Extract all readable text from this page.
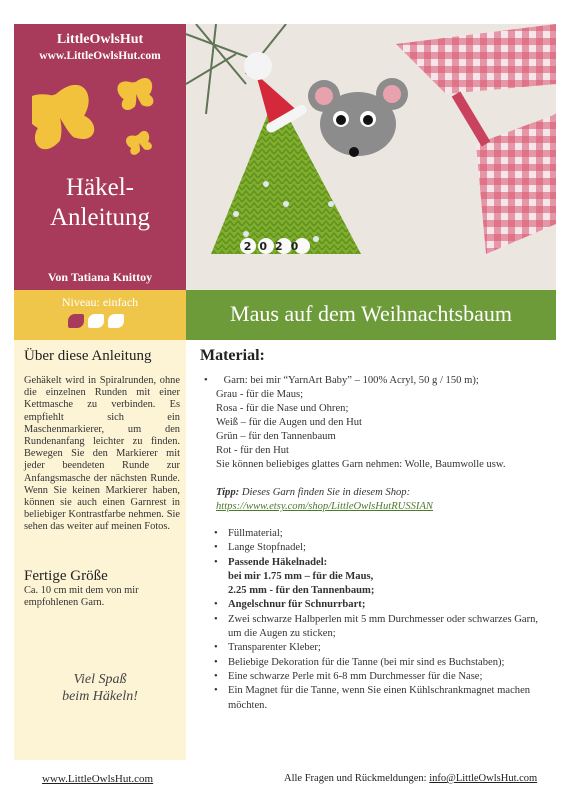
LittleOwlsHut
www.LittleOwlsHut.com
Häkel-
Anleitung
Von Tatiana Knittoy
2020
Niveau: einfach	Maus auf dem Weihnachtsbaum
Über diese Anleitung
Gehäkelt wird in Spiralrunden, ohne die einzelnen Runden mit einer Kettmasche zu verbinden. Es empfiehlt sich ein Maschenmarkierer, um den Rundenanfang leichter zu finden. Bewegen Sie den Markierer mit jeder beendeten Runde zur Anfangsmasche der nächsten Runde. Wenn Sie keinen Markierer haben, können sie auch einen Garnrest in beliebiger Kontrastfarbe nehmen. Sie sehen das weiter auf meinen Fotos.
Fertige Größe
Ca. 10 cm mit dem von mir empfohlenen Garn.
Viel Spaß
beim Häkeln!
Material:
•      Garn: bei mir “YarnArt Baby” – 100% Acryl, 50 g / 150 m);
Grau - für die Maus;
Rosa - für die Nase und Ohren;
Weiß – für die Augen und den Hut
Grün – für den Tannenbaum
Rot - für den Hut
Sie können beliebiges glattes Garn nehmen: Wolle, Baumwolle usw.
Tipp: Dieses Garn finden Sie in diesem Shop:
https://www.etsy.com/shop/LittleOwlsHutRUSSIAN
• Füllmaterial;
• Lange Stopfnadel;
• Passende Häkelnadel:
bei mir 1.75 mm – für die Maus,
2.25 mm - für den Tannenbaum;
• Angelschnur für Schnurrbart;
• Zwei schwarze Halbperlen mit 5 mm Durchmesser oder schwarzes Garn, um die Augen zu sticken;
• Transparenter Kleber;
• Beliebige Dekoration für die Tanne (bei mir sind es Buchstaben);
• Eine schwarze Perle mit 6-8 mm Durchmesser für die Nase;
• Ein Magnet für die Tanne, wenn Sie einen Kühlschrankmagnet machen möchten.
www.LittleOwlsHut.com	Alle Fragen und Rückmeldungen: info@LittleOwlsHut.com
